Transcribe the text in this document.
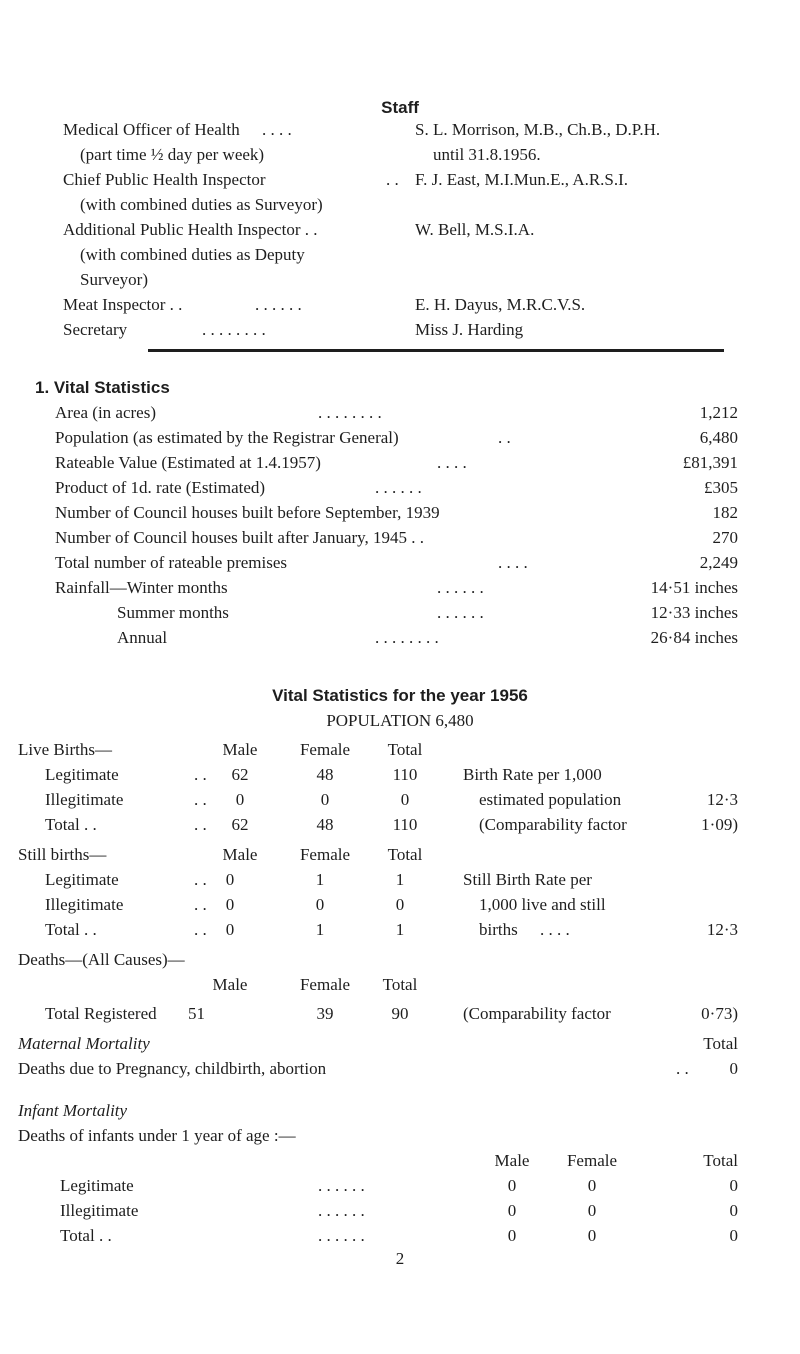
Staff
Medical Officer of Health . . . .	S. L. Morrison, M.B., Ch.B., D.P.H.
(part time ½ day per week)	until 31.8.1956.
Chief Public Health Inspector	. . F. J. East, M.I.Mun.E., A.R.S.I.
(with combined duties as Surveyor)
Additional Public Health Inspector . .	W. Bell, M.S.I.A.
(with combined duties as Deputy
Surveyor)
Meat Inspector . .	. . . . . .	E. H. Dayus, M.R.C.V.S.
Secretary	. . . . . . . .	Miss J. Harding
1. Vital Statistics
Area (in acres)	. . . . . . . .	1,212
Population (as estimated by the Registrar General)	. .	6,480
Rateable Value (Estimated at 1.4.1957)	. . . .	£81,391
Product of 1d. rate (Estimated)	. . . . . .	£305
Number of Council houses built before September, 1939	182
Number of Council houses built after January, 1945 . .	270
Total number of rateable premises	. . . .	2,249
Rainfall—Winter months	. . . . . .	14·51 inches
Summer months	. . . . . .	12·33 inches
Annual	. . . . . . . .	26·84 inches
Vital Statistics for the year 1956
POPULATION 6,480
Live Births—	Male	Female	Total
Legitimate	. .	62	48	110
Illegitimate	. .	0	0	0
Total . .	. .	62	48	110
Birth Rate per 1,000
estimated population	12·3
(Comparability factor	1·09)
Still births—	Male	Female	Total
Legitimate	. .	0	1	1
Illegitimate	. .	0	0	0
Total . .	. .	0	1	1
Still Birth Rate per
1,000 live and still
births . . . .	12·3
Deaths—(All Causes)—
Male	Female	Total
Total Registered 51	39	90	(Comparability factor	0·73)
Maternal Mortality	Total
Deaths due to Pregnancy, childbirth, abortion	. .	0
Infant Mortality
Deaths of infants under 1 year of age :—
Male	Female	Total
Legitimate	. . . . . .	0	0	0
Illegitimate	. . . . . .	0	0	0
Total . .	. . . . . .	0	0	0
2
